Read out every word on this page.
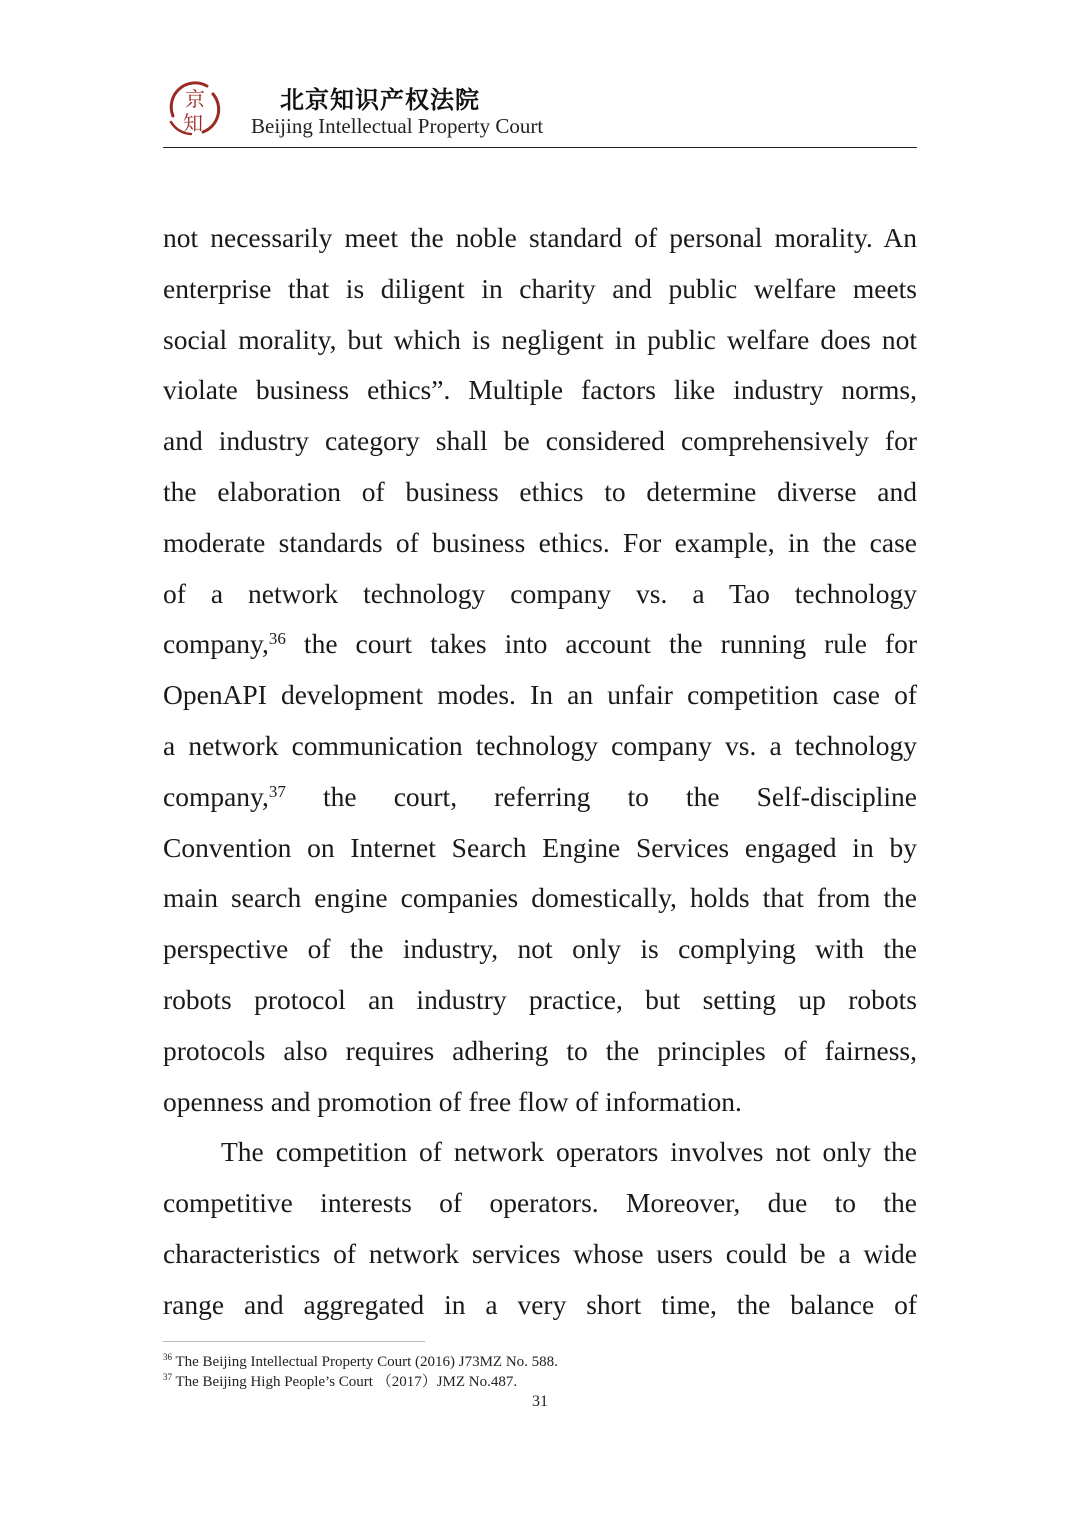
京
知
北京知识产权法院
Beijing Intellectual Property Court
not necessarily meet the noble standard of personal morality. An
enterprise that is diligent in charity and public welfare meets
social morality, but which is negligent in public welfare does not
violate business ethics”. Multiple factors like industry norms,
and industry category shall be considered comprehensively for
the elaboration of business ethics to determine diverse and
moderate standards of business ethics. For example, in the case
of a network technology company vs. a Tao technology
company,$^{36}$ the court takes into account the running rule for
OpenAPI development modes. In an unfair competition case of
a network communication technology company vs. a technology
company,$^{37}$ the court, referring to the Self-discipline
Convention on Internet Search Engine Services engaged in by
main search engine companies domestically, holds that from the
perspective of the industry, not only is complying with the
robots protocol an industry practice, but setting up robots
protocols also requires adhering to the principles of fairness,
openness and promotion of free flow of information.
The competition of network operators involves not only the
competitive interests of operators. Moreover, due to the
characteristics of network services whose users could be a wide
range and aggregated in a very short time, the balance of
$^{36}$ The Beijing Intellectual Property Court (2016) J73MZ No. 588.
$^{37}$ The Beijing High People’s Court （2017）JMZ No.487.
31
